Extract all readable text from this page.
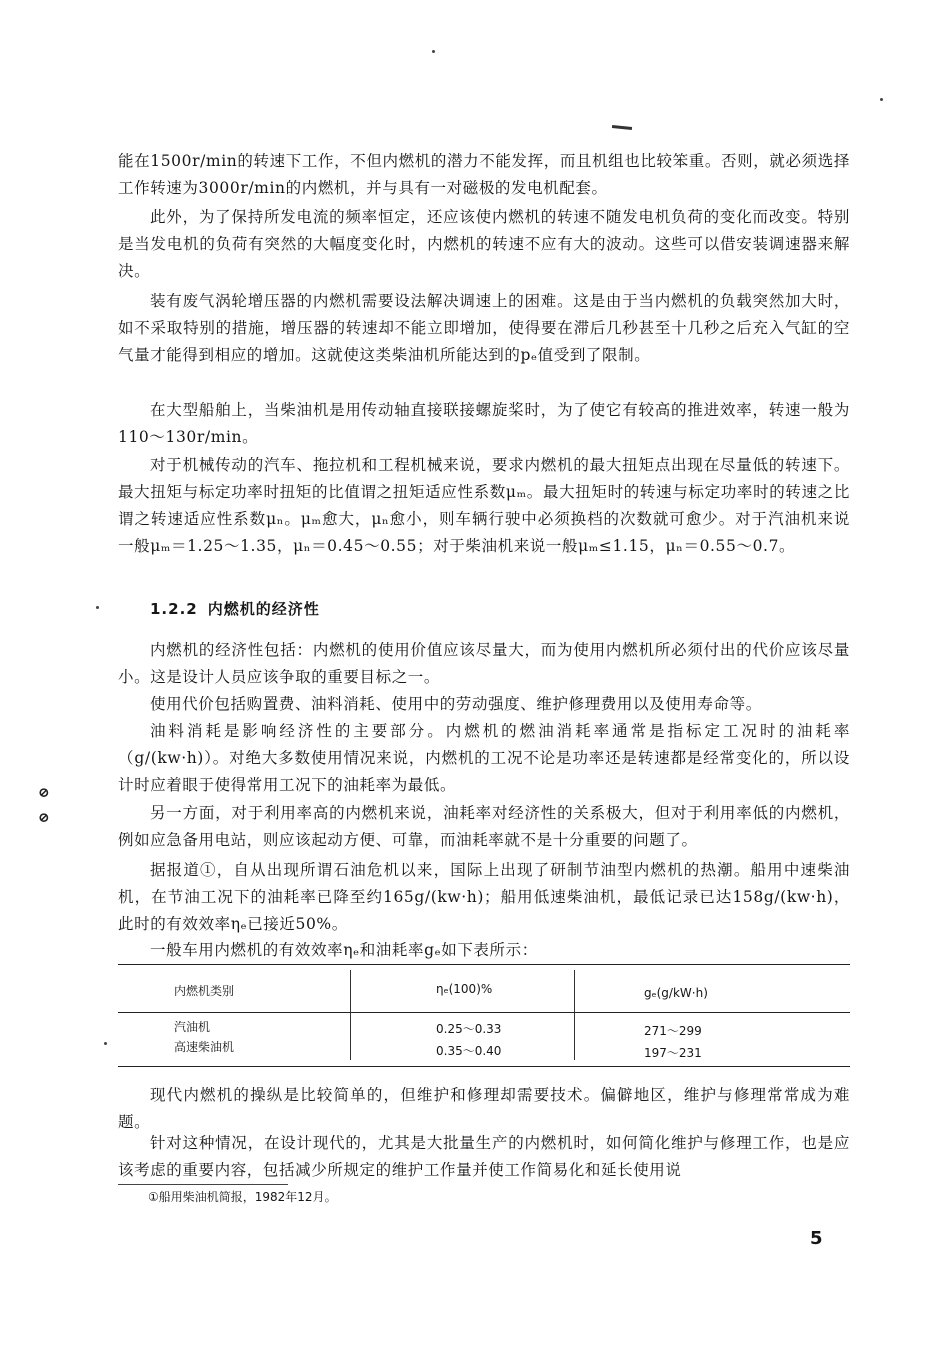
⊘
⊘

能在1500r/min的转速下工作，不但内燃机的潜力不能发挥，而且机组也比较笨重。否则，就必须选择工作转速为3000r/min的内燃机，并与具有一对磁极的发电机配套。

此外，为了保持所发电流的频率恒定，还应该使内燃机的转速不随发电机负荷的变化而改变。特别是当发电机的负荷有突然的大幅度变化时，内燃机的转速不应有大的波动。这些可以借安装调速器来解决。

装有废气涡轮增压器的内燃机需要设法解决调速上的困难。这是由于当内燃机的负载突然加大时，如不采取特别的措施，增压器的转速却不能立即增加，使得要在滞后几秒甚至十几秒之后充入气缸的空气量才能得到相应的增加。这就使这类柴油机所能达到的pₑ值受到了限制。

在大型船舶上，当柴油机是用传动轴直接联接螺旋桨时，为了使它有较高的推进效率，转速一般为110～130r/min。

对于机械传动的汽车、拖拉机和工程机械来说，要求内燃机的最大扭矩点出现在尽量低的转速下。最大扭矩与标定功率时扭矩的比值谓之扭矩适应性系数μₘ。最大扭矩时的转速与标定功率时的转速之比谓之转速适应性系数μₙ。μₘ愈大，μₙ愈小，则车辆行驶中必须换档的次数就可愈少。对于汽油机来说一般μₘ＝1.25～1.35，μₙ＝0.45～0.55；对于柴油机来说一般μₘ≤1.15，μₙ＝0.55～0.7。

1.2.2 内燃机的经济性

内燃机的经济性包括：内燃机的使用价值应该尽量大，而为使用内燃机所必须付出的代价应该尽量小。这是设计人员应该争取的重要目标之一。

使用代价包括购置费、油料消耗、使用中的劳动强度、维护修理费用以及使用寿命等。

油料消耗是影响经济性的主要部分。内燃机的燃油消耗率通常是指标定工况时的油耗率（g/(kw·h)）。对绝大多数使用情况来说，内燃机的工况不论是功率还是转速都是经常变化的，所以设计时应着眼于使得常用工况下的油耗率为最低。

另一方面，对于利用率高的内燃机来说，油耗率对经济性的关系极大，但对于利用率低的内燃机，例如应急备用电站，则应该起动方便、可靠，而油耗率就不是十分重要的问题了。

据报道①，自从出现所谓石油危机以来，国际上出现了研制节油型内燃机的热潮。船用中速柴油机，在节油工况下的油耗率已降至约165g/(kw·h)；船用低速柴油机，最低记录已达158g/(kw·h)，此时的有效效率ηₑ已接近50%。

一般车用内燃机的有效效率ηₑ和油耗率gₑ如下表所示：

内燃机类别	ηₑ(100)%	gₑ(g/kW·h)
汽油机	0.25～0.33	271～299
高速柴油机	0.35～0.40	197～231

现代内燃机的操纵是比较简单的，但维护和修理却需要技术。偏僻地区，维护与修理常常成为难题。

针对这种情况，在设计现代的，尤其是大批量生产的内燃机时，如何简化维护与修理工作，也是应该考虑的重要内容，包括减少所规定的维护工作量并使工作简易化和延长使用说

①船用柴油机简报，1982年12月。
5
